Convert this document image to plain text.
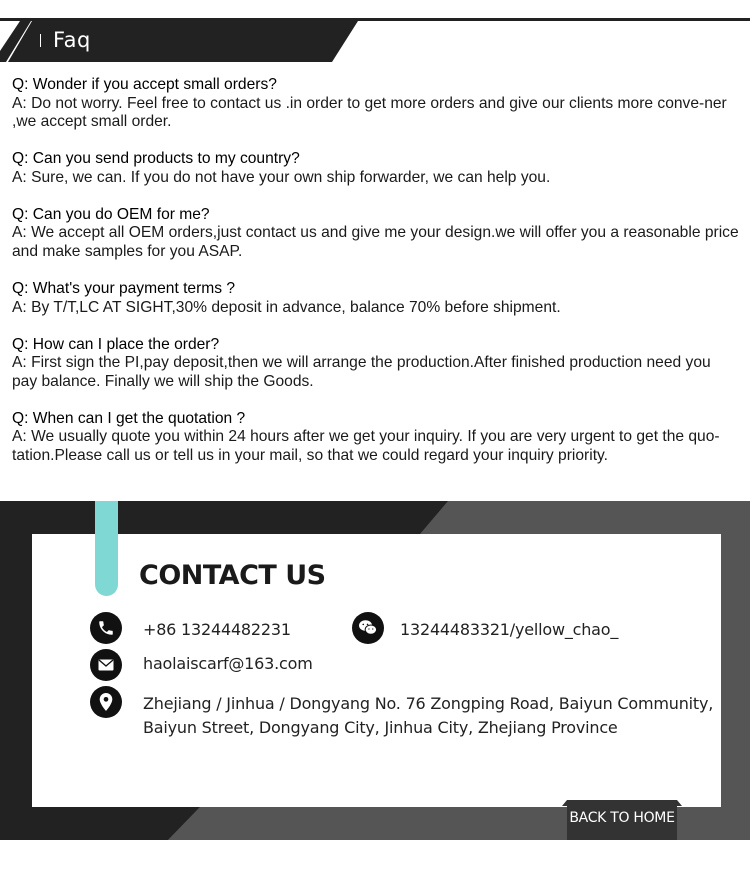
Faq

Q: Wonder if you accept small orders?

A: Do not worry. Feel free to contact us .in order to get more orders and give our clients more conve-ner ,we accept small order.

Q: Can you send products to my country?

A: Sure, we can. If you do not have your own ship forwarder, we can help you.

Q: Can you do OEM for me?

A: We accept all OEM orders,just contact us and give me your design.we will offer you a reasonable price and make samples for you ASAP.

Q: What's your payment terms ?

A: By T/T,LC AT SIGHT,30% deposit in advance, balance 70% before shipment.

Q: How can I place the order?

A: First sign the PI,pay deposit,then we will arrange the production.After finished production need you pay balance. Finally we will ship the Goods.

Q: When can I get the quotation ?

A: We usually quote you within 24 hours after we get your inquiry. If you are very urgent to get the quo-tation.Please call us or tell us in your mail, so that we could regard your inquiry priority.

CONTACT US
+86 13244482231	13244483321/yellow_chao_
haolaiscarf@163.com
Zhejiang / Jinhua / Dongyang No. 76 Zongping Road, Baiyun Community,
Baiyun Street, Dongyang City, Jinhua City, Zhejiang Province
BACK TO HOME
